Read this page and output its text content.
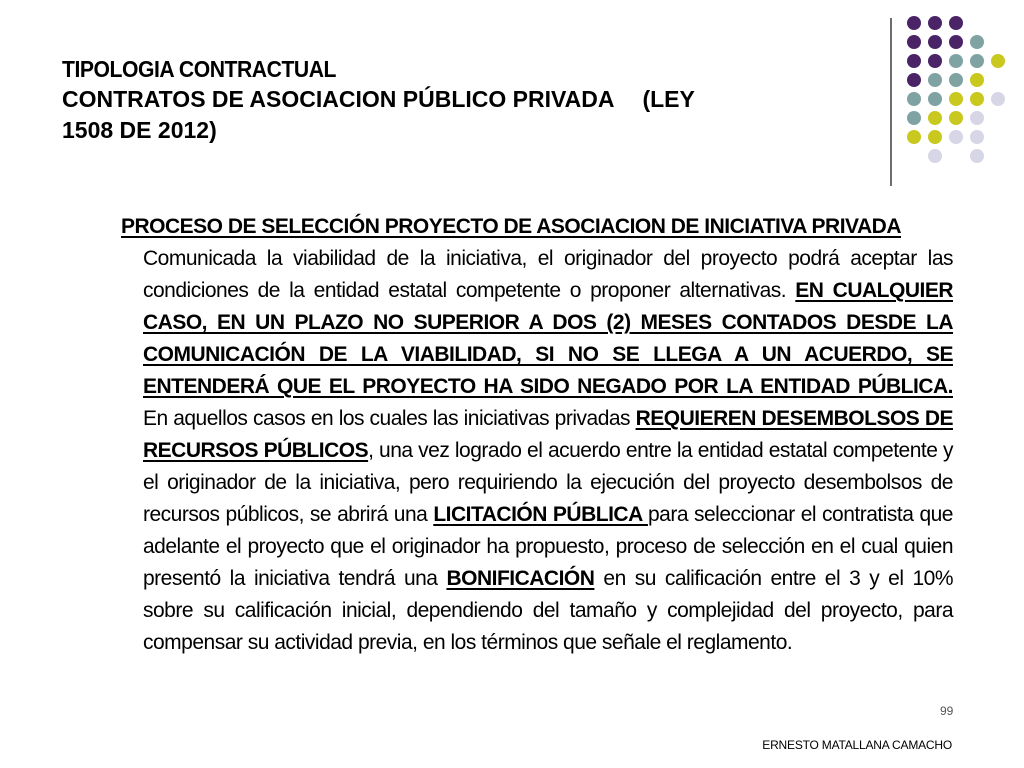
TIPOLOGIA CONTRACTUAL
CONTRATOS DE ASOCIACION PÚBLICO PRIVADA (LEY
1508 DE 2012)
PROCESO DE SELECCIÓN PROYECTO DE ASOCIACION DE INICIATIVA PRIVADA

Comunicada la viabilidad de la iniciativa, el originador del proyecto podrá aceptar las condiciones de la entidad estatal competente o proponer alternativas. EN CUALQUIER CASO, EN UN PLAZO NO SUPERIOR A DOS (2) MESES CONTADOS DESDE LA COMUNICACIÓN DE LA VIABILIDAD, SI NO SE LLEGA A UN ACUERDO, SE ENTENDERÁ QUE EL PROYECTO HA SIDO NEGADO POR LA ENTIDAD PÚBLICA. En aquellos casos en los cuales las iniciativas privadas REQUIEREN DESEMBOLSOS DE RECURSOS PÚBLICOS, una vez logrado el acuerdo entre la entidad estatal competente y el originador de la iniciativa, pero requiriendo la ejecución del proyecto desembolsos de recursos públicos, se abrirá una LICITACIÓN PÚBLICA para seleccionar el contratista que adelante el proyecto que el originador ha propuesto, proceso de selección en el cual quien presentó la iniciativa tendrá una BONIFICACIÓN en su calificación entre el 3 y el 10% sobre su calificación inicial, dependiendo del tamaño y complejidad del proyecto, para compensar su actividad previa, en los términos que señale el reglamento.

99
ERNESTO MATALLANA CAMACHO
